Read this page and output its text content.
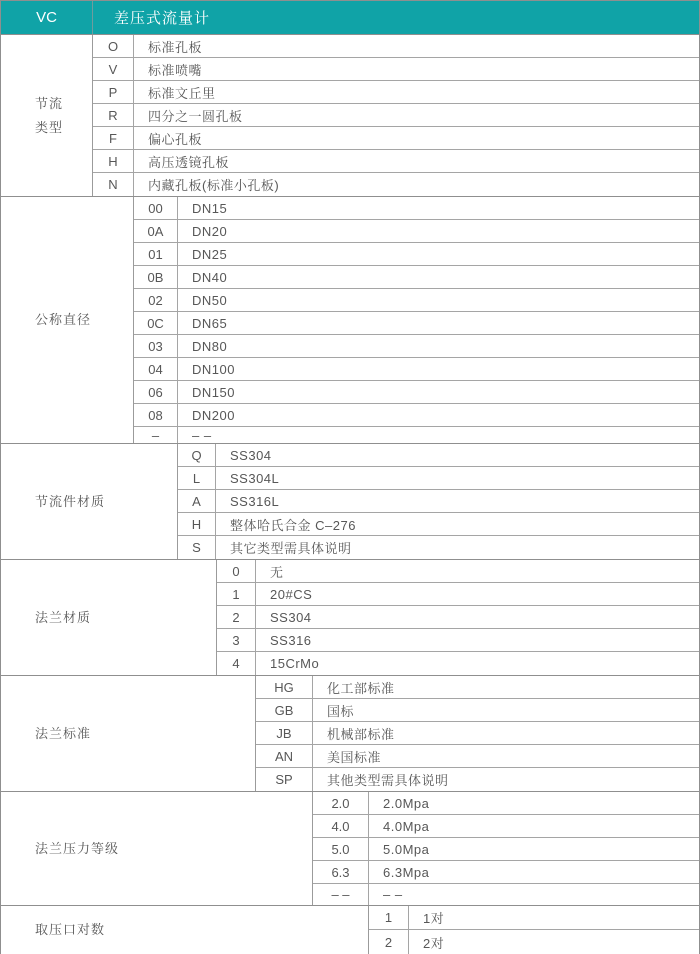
VC	差压式流量计
节流
类型
O	标准孔板
V	标准喷嘴
P	标准文丘里
R	四分之一圆孔板
F	偏心孔板
H	高压透镜孔板
N	内藏孔板(标准小孔板)
公称直径
00	DN15
0A	DN20
01	DN25
0B	DN40
02	DN50
0C	DN65
03	DN80
04	DN100
06	DN150
08	DN200
–	– –
节流件材质
Q	SS304
L	SS304L
A	SS316L
H	整体哈氏合金 C–276
S	其它类型需具体说明
法兰材质
0	无
1	20#CS
2	SS304
3	SS316
4	15CrMo
法兰标准
HG	化工部标准
GB	国标
JB	机械部标准
AN	美国标准
SP	其他类型需具体说明
法兰压力等级
2.0	2.0Mpa
4.0	4.0Mpa
5.0	5.0Mpa
6.3	6.3Mpa
– –	– –
取压口对数
1	1对
2	2对
